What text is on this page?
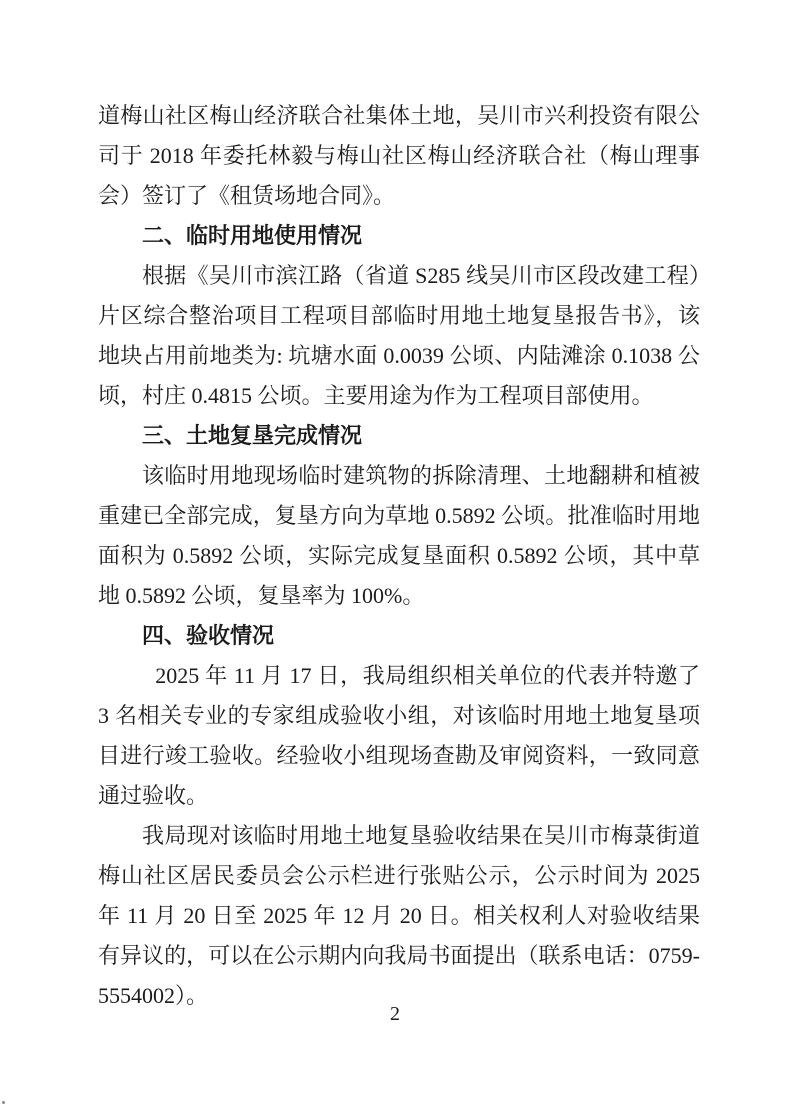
道梅山社区梅山经济联合社集体土地，吴川市兴利投资有限公司于 2018 年委托林毅与梅山社区梅山经济联合社（梅山理事会）签订了《租赁场地合同》。

二、临时用地使用情况

根据《吴川市滨江路（省道 S285 线吴川市区段改建工程）片区综合整治项目工程项目部临时用地土地复垦报告书》，该地块占用前地类为: 坑塘水面 0.0039 公顷、内陆滩涂 0.1038 公顷，村庄 0.4815 公顷。主要用途为作为工程项目部使用。

三、土地复垦完成情况

该临时用地现场临时建筑物的拆除清理、土地翻耕和植被重建已全部完成，复垦方向为草地 0.5892 公顷。批准临时用地面积为 0.5892 公顷，实际完成复垦面积 0.5892 公顷，其中草地 0.5892 公顷，复垦率为 100%。

四、验收情况

2025 年 11 月 17 日，我局组织相关单位的代表并特邀了 3 名相关专业的专家组成验收小组，对该临时用地土地复垦项目进行竣工验收。经验收小组现场查勘及审阅资料，一致同意通过验收。

我局现对该临时用地土地复垦验收结果在吴川市梅菉街道梅山社区居民委员会公示栏进行张贴公示，公示时间为 2025 年 11 月 20 日至 2025 年 12 月 20 日。相关权利人对验收结果有异议的，可以在公示期内向我局书面提出（联系电话：0759-5554002）。

2
